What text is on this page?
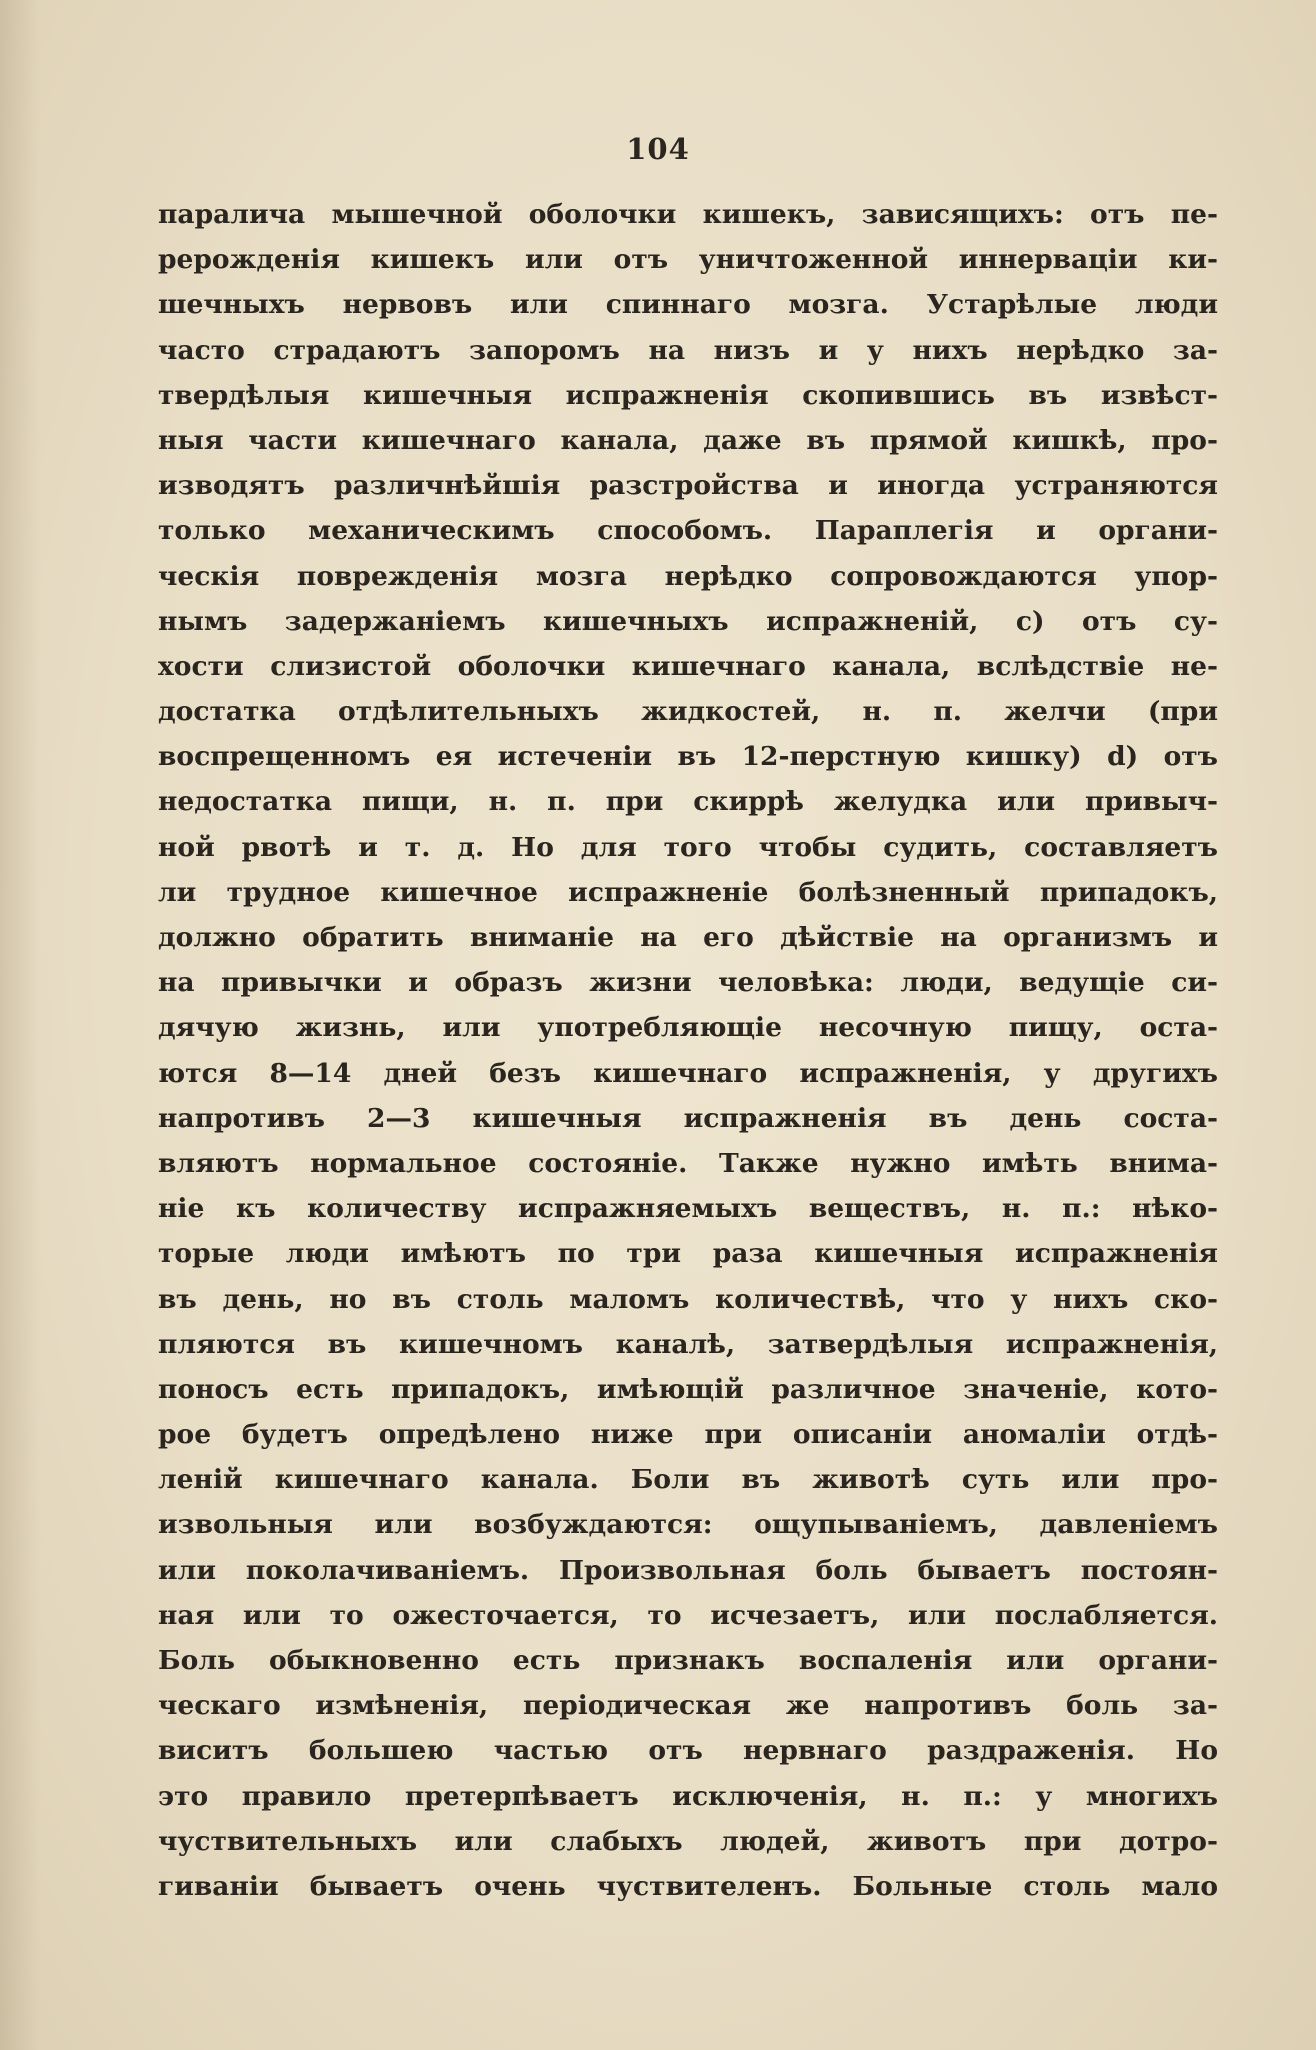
104
паралича мышечной оболочки кишекъ, зависящихъ: отъ пе-
рерожденія кишекъ или отъ уничтоженной иннерваціи ки-
шечныхъ нервовъ или спиннаго мозга. Устарѣлые люди
часто страдаютъ запоромъ на низъ и у нихъ нерѣдко за-
твердѣлыя кишечныя испражненія скопившись въ извѣст-
ныя части кишечнаго канала, даже въ прямой кишкѣ, про-
изводятъ различнѣйшія разстройства и иногда устраняются
только механическимъ способомъ. Параплегія и органи-
ческія поврежденія мозга нерѣдко сопровождаются упор-
нымъ задержаніемъ кишечныхъ испражненій, с) отъ су-
хости слизистой оболочки кишечнаго канала, вслѣдствіе не-
достатка отдѣлительныхъ жидкостей, н. п. желчи (при
воспрещенномъ ея истеченіи въ 12-перстную кишку) d) отъ
недостатка пищи, н. п. при скиррѣ желудка или привыч-
ной рвотѣ и т. д. Но для того чтобы судить, составляетъ
ли трудное кишечное испражненіе болѣзненный припадокъ,
должно обратить вниманіе на его дѣйствіе на организмъ и
на привычки и образъ жизни человѣка: люди, ведущіе си-
дячую жизнь, или употребляющіе несочную пищу, оста-
ются 8—14 дней безъ кишечнаго испражненія, у другихъ
напротивъ 2—3 кишечныя испражненія въ день соста-
вляютъ нормальное состояніе. Также нужно имѣть внима-
ніе къ количеству испражняемыхъ веществъ, н. п.: нѣко-
торые люди имѣютъ по три раза кишечныя испражненія
въ день, но въ столь маломъ количествѣ, что у нихъ ско-
пляются въ кишечномъ каналѣ, затвердѣлыя испражненія,
поносъ есть припадокъ, имѣющій различное значеніе, кото-
рое будетъ опредѣлено ниже при описаніи аномаліи отдѣ-
леній кишечнаго канала. Боли въ животѣ суть или про-
извольныя или возбуждаются: ощупываніемъ, давленіемъ
или поколачиваніемъ. Произвольная боль бываетъ постоян-
ная или то ожесточается, то исчезаетъ, или послабляется.
Боль обыкновенно есть признакъ воспаленія или органи-
ческаго измѣненія, періодическая же напротивъ боль за-
виситъ большею частью отъ нервнаго раздраженія. Но
это правило претерпѣваетъ исключенія, н. п.: у многихъ
чуствительныхъ или слабыхъ людей, животъ при дотро-
гиваніи бываетъ очень чуствителенъ. Больные столь мало
